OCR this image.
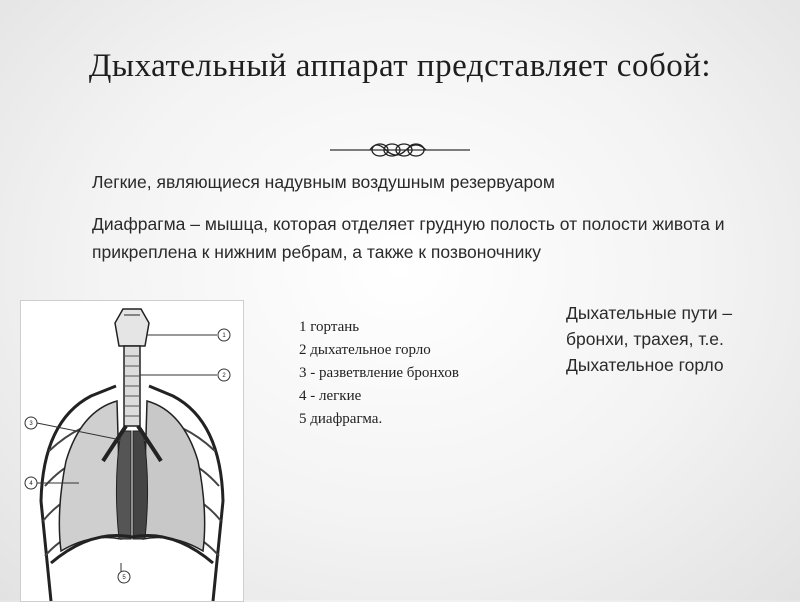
Дыхательный аппарат представляет собой:
Легкие, являющиеся надувным воздушным резервуаром
Диафрагма – мышца, которая отделяет грудную полость от полости живота и прикреплена к нижним ребрам, а также к позвоночнику
1
2
3
4
5
1 гортань
2 дыхательное горло
3 - разветвление бронхов
4 - легкие
5 диафрагма.
Дыхательные пути – бронхи, трахея, т.е. Дыхательное горло
